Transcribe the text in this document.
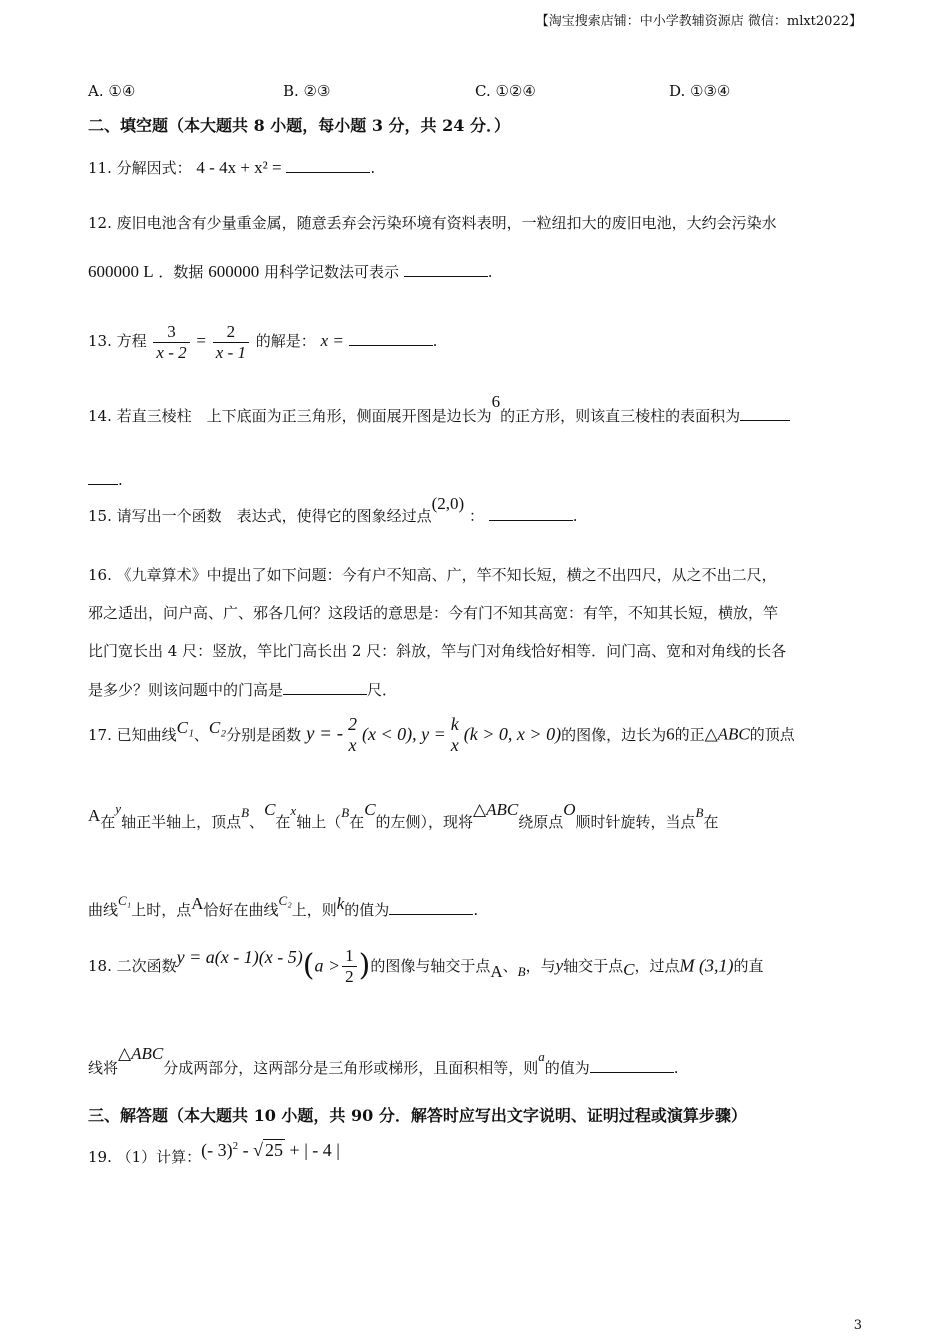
【淘宝搜索店铺：中小学教辅资源店 微信：mlxt2022】
A. ①④	B. ②③	C. ①②④	D. ①③④
二、填空题（本大题共 8 小题，每小题 3 分，共 24 分．）
11. 分解因式： 4 - 4x + x² =	.
12. 废旧电池含有少量重金属，随意丢弃会污染环境有资料表明，一粒纽扣大的废旧电池，大约会污染水
600000 L ．数据 600000 用科学记数法可表示	.
13. 方程 $\frac{3}{x - 2} = \frac{2}{x - 1}$ 的解是： x =	.
14. 若直三棱柱　上下底面为正三角形，侧面展开图是边长为6的正方形，则该直三棱柱的表面积为
.
15. 请写出一个函数　表达式，使得它的图象经过点(2,0) ：	.
16. 《九章算术》中提出了如下问题：今有户不知高、广，竿不知长短，横之不出四尺，从之不出二尺，
邪之适出，问户高、广、邪各几何？这段话的意思是：今有门不知其高宽：有竿，不知其长短，横放，竿
比门宽长出 4 尺：竖放，竿比门高长出 2 尺：斜放，竿与门对角线恰好相等．问门高、宽和对角线的长各
是多少？则该问题中的门高是	尺．
17. 已知曲线C₁、C₂分别是函数 y = - 2
x
(x < 0), y = k
x
(k > 0, x > 0)的图像，边长为6的正△ABC的顶点
A在y轴正半轴上，顶点B、C在x轴上（B在C的左侧），现将△ABC绕原点O顺时针旋转，当点B在
曲线C₁上时，点A恰好在曲线C₂上，则k的值为	.
18. 二次函数$y = a(x - 1)(x - 5)(a > \frac{1}{2}$ )的图像与轴交于点A、B，与y轴交于点C，过点M (3,1)的直
线将△ABC分成两部分，这两部分是三角形或梯形，且面积相等，则a的值为	.
三、解答题（本大题共 10 小题，共 90 分．解答时应写出文字说明、证明过程或演算步骤）
19. （1）计算：(- 3)$^2$ - √ 25 + | - 4 |
3
